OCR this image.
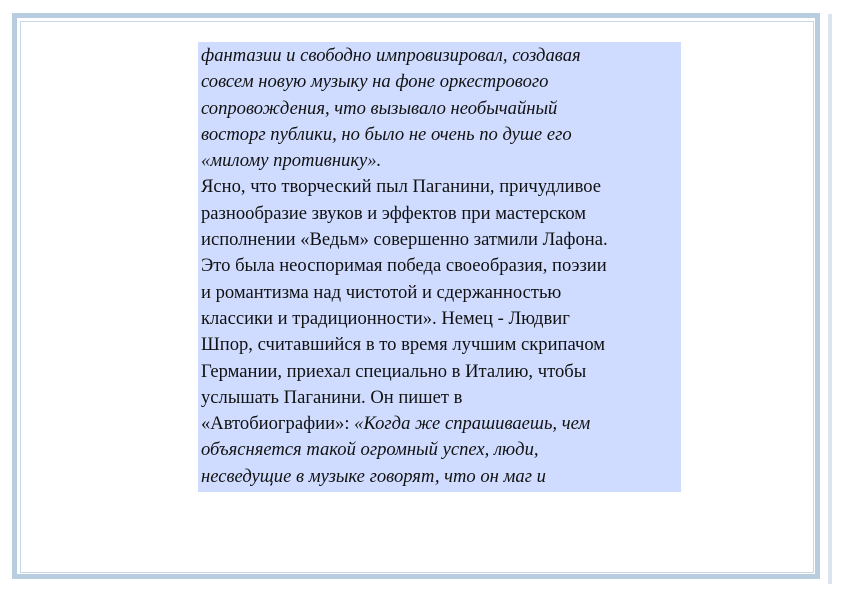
фантазии и свободно импровизировал, создавая
совсем новую музыку на фоне оркестрового
сопровождения, что вызывало необычайный
восторг публики, но было не очень по душе его
«милому противнику».
Ясно, что творческий пыл Паганини, причудливое
разнообразие звуков и эффектов при мастерском
исполнении «Ведьм» совершенно затмили Лафона.
Это была неоспоримая победа своеобразия, поэзии
и романтизма над чистотой и сдержанностью
классики и традиционности». Немец - Людвиг
Шпор, считавшийся в то время лучшим скрипачом
Германии, приехал специально в Италию, чтобы
услышать Паганини. Он пишет в
«Автобиографии»: «Когда же спрашиваешь, чем
объясняется такой огромный успех, люди,
несведущие в музыке говорят, что он маг и
